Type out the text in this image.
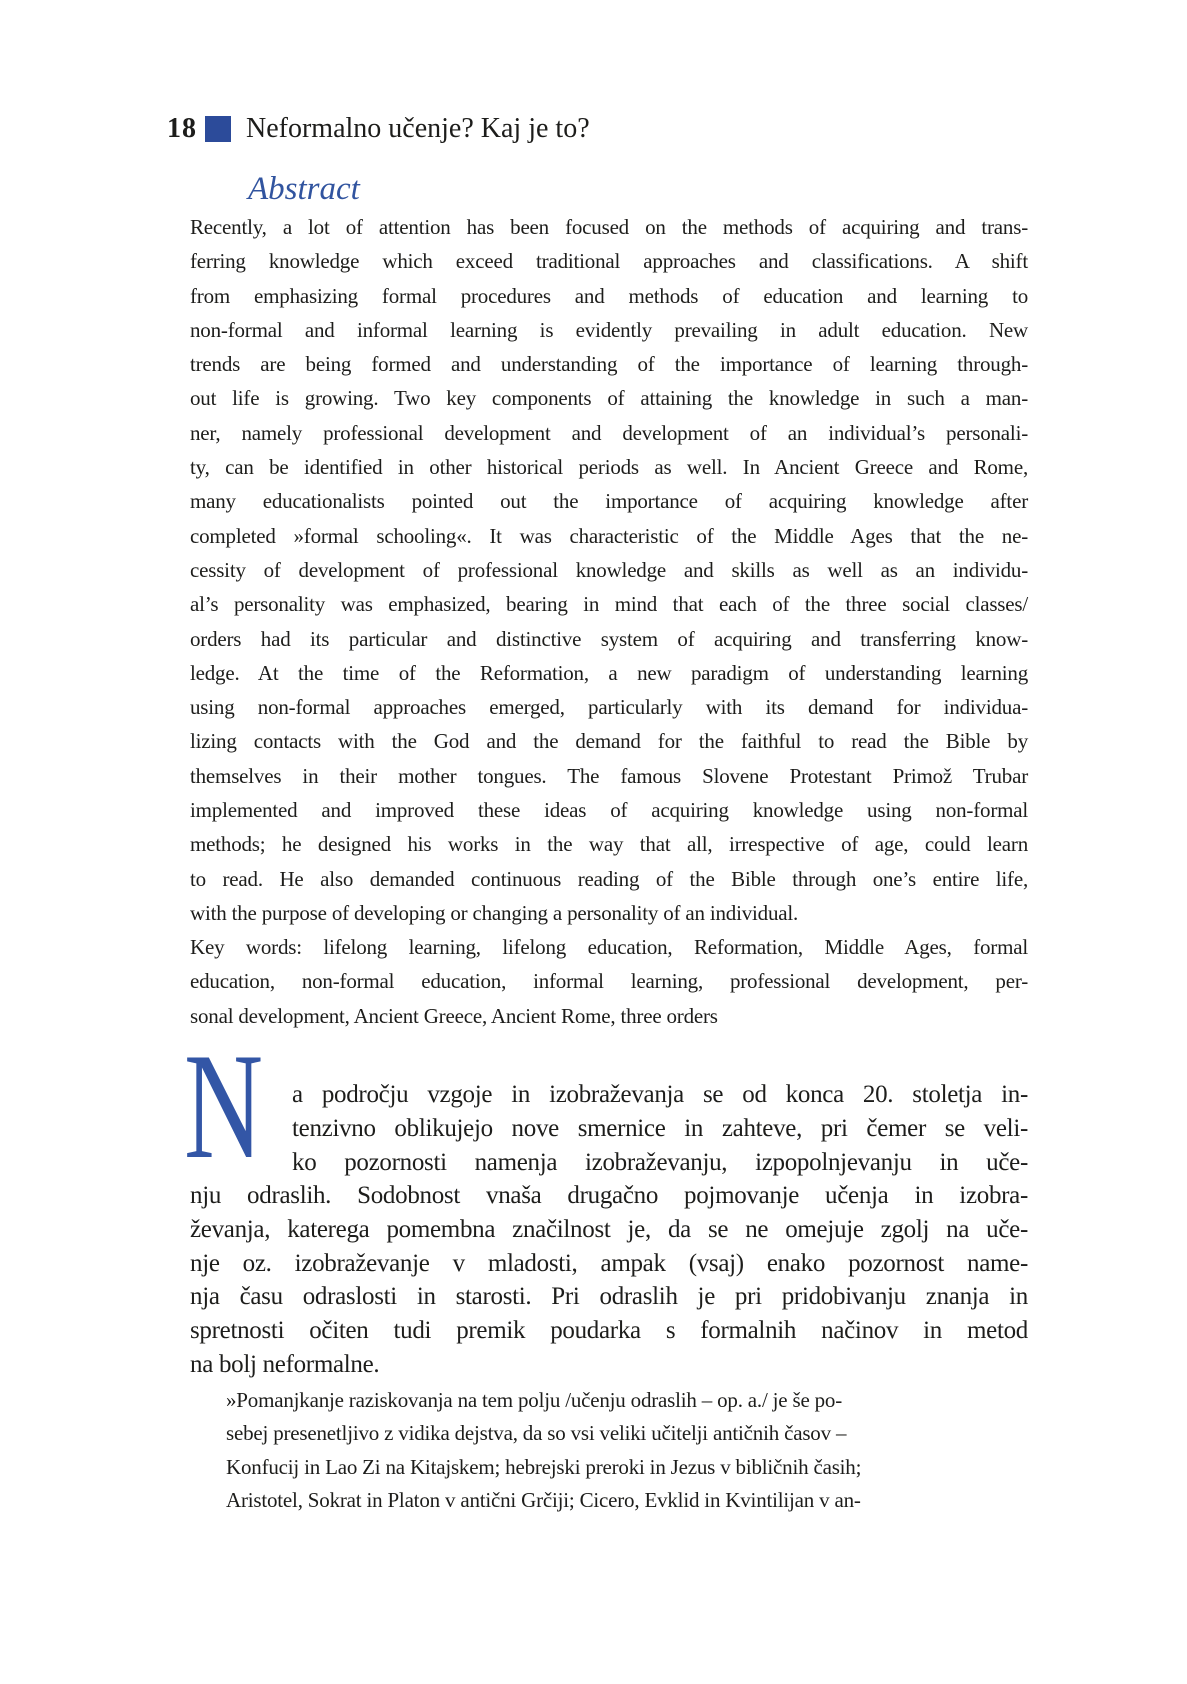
18 Neformalno učenje? Kaj je to?
Abstract
Recently, a lot of attention has been focused on the methods of acquiring and trans-
ferring knowledge which exceed traditional approaches and classifications. A shift
from emphasizing formal procedures and methods of education and learning to
non-formal and informal learning is evidently prevailing in adult education. New
trends are being formed and understanding of the importance of learning through-
out life is growing. Two key components of attaining the knowledge in such a man-
ner, namely professional development and development of an individual’s personali-
ty, can be identified in other historical periods as well. In Ancient Greece and Rome,
many educationalists pointed out the importance of acquiring knowledge after
completed »formal schooling«. It was characteristic of the Middle Ages that the ne-
cessity of development of professional knowledge and skills as well as an individu-
al’s personality was emphasized, bearing in mind that each of the three social classes/
orders had its particular and distinctive system of acquiring and transferring know-
ledge. At the time of the Reformation, a new paradigm of understanding learning
using non-formal approaches emerged, particularly with its demand for individua-
lizing contacts with the God and the demand for the faithful to read the Bible by
themselves in their mother tongues. The famous Slovene Protestant Primož Trubar
implemented and improved these ideas of acquiring knowledge using non-formal
methods; he designed his works in the way that all, irrespective of age, could learn
to read. He also demanded continuous reading of the Bible through one’s entire life,
with the purpose of developing or changing a personality of an individual.
Key words: lifelong learning, lifelong education, Reformation, Middle Ages, formal
education, non-formal education, informal learning, professional development, per-
sonal development, Ancient Greece, Ancient Rome, three orders
N	a področju vzgoje in izobraževanja se od konca 20. stoletja in-
tenzivno oblikujejo nove smernice in zahteve, pri čemer se veli-
ko pozornosti namenja izobraževanju, izpopolnjevanju in uče-
nju odraslih. Sodobnost vnaša drugačno pojmovanje učenja in izobra-
ževanja, katerega pomembna značilnost je, da se ne omejuje zgolj na uče-
nje oz. izobraževanje v mladosti, ampak (vsaj) enako pozornost name-
nja času odraslosti in starosti. Pri odraslih je pri pridobivanju znanja in
spretnosti očiten tudi premik poudarka s formalnih načinov in metod
na bolj neformalne.
»Pomanjkanje raziskovanja na tem polju /učenju odraslih – op. a./ je še po-
sebej presenetljivo z vidika dejstva, da so vsi veliki učitelji antičnih časov –
Konfucij in Lao Zi na Kitajskem; hebrejski preroki in Jezus v bibličnih časih;
Aristotel, Sokrat in Platon v antični Grčiji; Cicero, Evklid in Kvintilijan v an-
